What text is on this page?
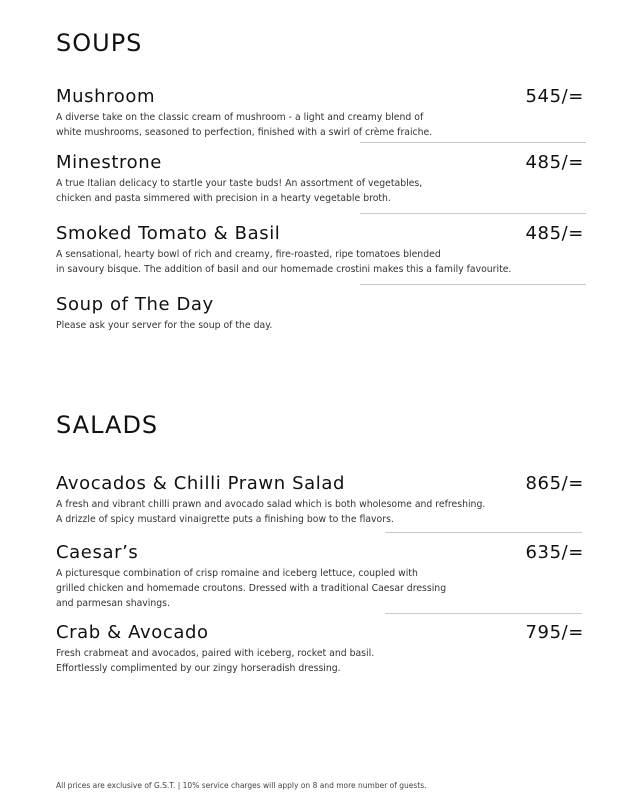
SOUPS
Mushroom	545/=
A diverse take on the classic cream of mushroom - a light and creamy blend of
white mushrooms, seasoned to perfection, finished with a swirl of crème fraiche.
Minestrone	485/=
A true Italian delicacy to startle your taste buds! An assortment of vegetables,
chicken and pasta simmered with precision in a hearty vegetable broth.
Smoked Tomato & Basil	485/=
A sensational, hearty bowl of rich and creamy, fire-roasted, ripe tomatoes blended
in savoury bisque. The addition of basil and our homemade crostini makes this a family favourite.
Soup of The Day
Please ask your server for the soup of the day.
SALADS
Avocados & Chilli Prawn Salad	865/=
A fresh and vibrant chilli prawn and avocado salad which is both wholesome and refreshing.
A drizzle of spicy mustard vinaigrette puts a finishing bow to the flavors.
Caesar’s	635/=
A picturesque combination of crisp romaine and iceberg lettuce, coupled with
grilled chicken and homemade croutons. Dressed with a traditional Caesar dressing
and parmesan shavings.
Crab & Avocado	795/=
Fresh crabmeat and avocados, paired with iceberg, rocket and basil.
Effortlessly complimented by our zingy horseradish dressing.
All prices are exclusive of G.S.T. | 10% service charges will apply on 8 and more number of guests.
